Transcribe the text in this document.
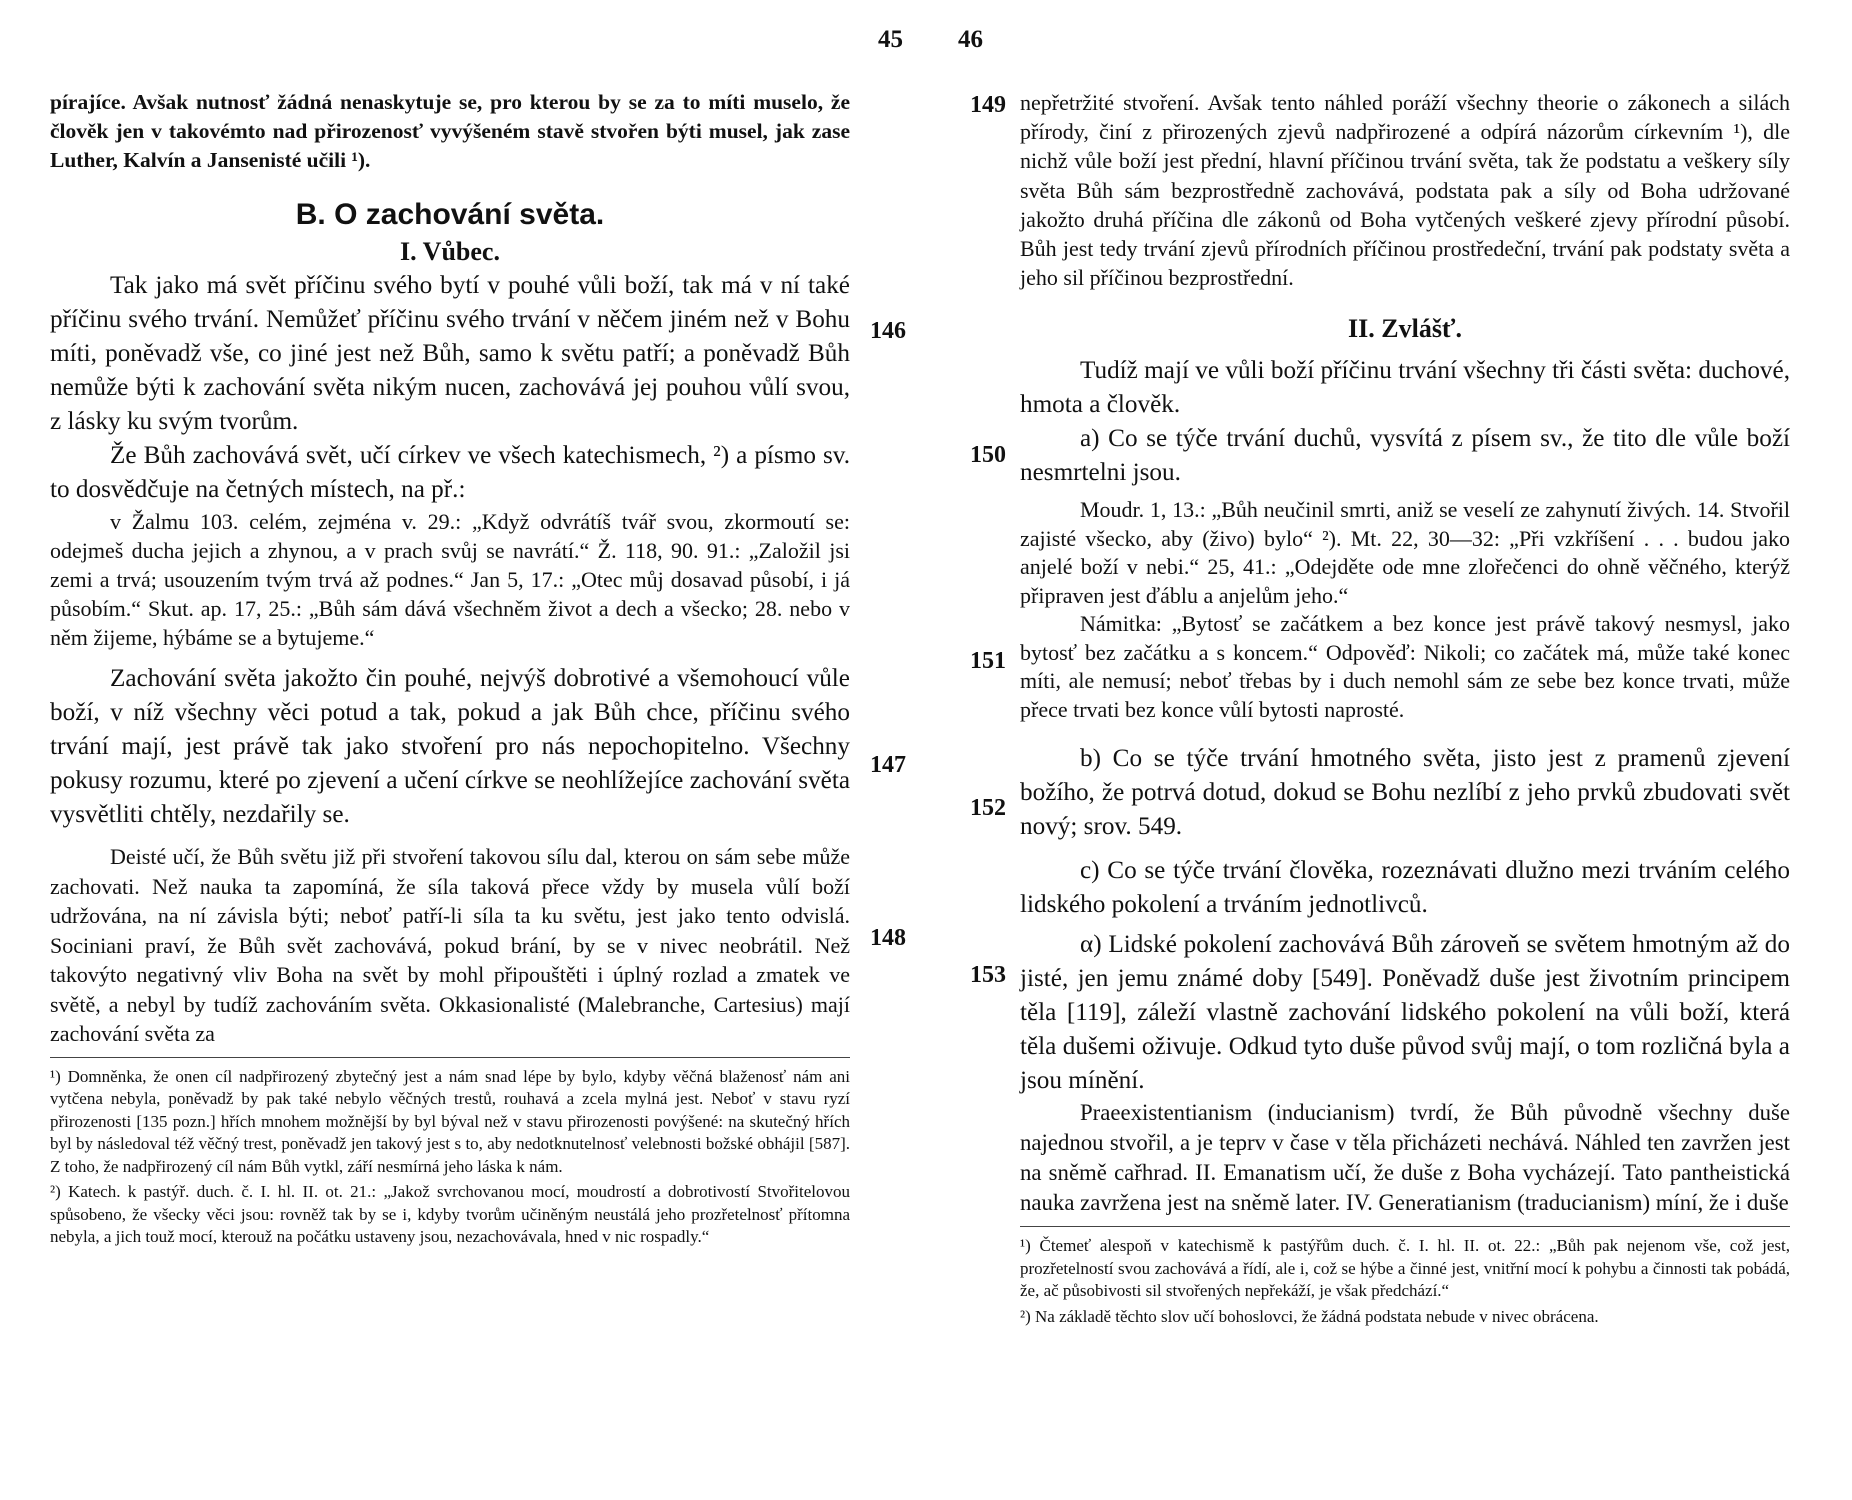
45 46

pírajíce. Avšak nutnosť žádná nenaskytuje se, pro kterou by se za to míti muselo, že člověk jen v takovémto nad přirozenosť vyvýšeném stavě stvořen býti musel, jak zase Luther, Kalvín a Jansenisté učili ¹).

B. O zachování světa.
I. Vůbec.

Tak jako má svět příčinu svého bytí v pouhé vůli boží, tak má v ní také příčinu svého trvání. Nemůžeť příčinu svého trvání v něčem jiném než v Bohu míti, poněvadž vše, co jiné jest než Bůh, samo k světu patří; a poněvadž Bůh nemůže býti k zachování světa nikým nucen, zachovává jej pouhou vůlí svou, z lásky ku svým tvorům.

Že Bůh zachovává svět, učí církev ve všech katechismech, ²) a písmo sv. to dosvědčuje na četných místech, na př.:

v Žalmu 103. celém, zejména v. 29.: „Když odvrátíš tvář svou, zkormoutí se: odejmeš ducha jejich a zhynou, a v prach svůj se navrátí.“ Ž. 118, 90. 91.: „Založil jsi zemi a trvá; usouzením tvým trvá až podnes.“ Jan 5, 17.: „Otec můj dosavad působí, i já působím.“ Skut. ap. 17, 25.: „Bůh sám dává všechněm život a dech a všecko; 28. nebo v něm žijeme, hýbáme se a bytujeme.“

Zachování světa jakožto čin pouhé, nejvýš dobrotivé a všemohoucí vůle boží, v níž všechny věci potud a tak, pokud a jak Bůh chce, příčinu svého trvání mají, jest právě tak jako stvoření pro nás nepochopitelno. Všechny pokusy rozumu, které po zjevení a učení církve se neohlížejíce zachování světa vysvětliti chtěly, nezdařily se.

Deisté učí, že Bůh světu již při stvoření takovou sílu dal, kterou on sám sebe může zachovati. Než nauka ta zapomíná, že síla taková přece vždy by musela vůlí boží udržována, na ní závisla býti; neboť patří-li síla ta ku světu, jest jako tento odvislá. Sociniani praví, že Bůh svět zachovává, pokud brání, by se v nivec neobrátil. Než takovýto negativný vliv Boha na svět by mohl připouštěti i úplný rozlad a zmatek ve světě, a nebyl by tudíž zachováním světa. Okkasionalisté (Malebranche, Cartesius) mají zachování světa za

¹) Domněnka, že onen cíl nadpřirozený zbytečný jest a nám snad lépe by bylo, kdyby věčná blaženosť nám ani vytčena nebyla, poněvadž by pak také nebylo věčných trestů, rouhavá a zcela mylná jest. Neboť v stavu ryzí přirozenosti [135 pozn.] hřích mnohem možnější by byl býval než v stavu přirozenosti povýšené: na skutečný hřích byl by následoval též věčný trest, poněvadž jen takový jest s to, aby nedotknutelnosť velebnosti božské obhájil [587]. Z toho, že nadpřirozený cíl nám Bůh vytkl, září nesmírná jeho láska k nám.

²) Katech. k pastýř. duch. č. I. hl. II. ot. 21.: „Jakož svrchovanou mocí, moudrostí a dobrotivostí Stvořitelovou spůsobeno, že všecky věci jsou: rovněž tak by se i, kdyby tvorům učiněným neustálá jeho prozřetelnosť přítomna nebyla, a jich touž mocí, kterouž na počátku ustaveny jsou, nezachovávala, hned v nic rospadly.“

146
147
148
149
150
151
152
153

nepřetržité stvoření. Avšak tento náhled poráží všechny theorie o zákonech a silách přírody, činí z přirozených zjevů nadpřirozené a odpírá názorům církevním ¹), dle nichž vůle boží jest přední, hlavní příčinou trvání světa, tak že podstatu a veškery síly světa Bůh sám bezprostředně zachovává, podstata pak a síly od Boha udržované jakožto druhá příčina dle zákonů od Boha vytčených veškeré zjevy přírodní působí. Bůh jest tedy trvání zjevů přírodních příčinou prostředeční, trvání pak podstaty světa a jeho sil příčinou bezprostřední.

II. Zvlášť.

Tudíž mají ve vůli boží příčinu trvání všechny tři části světa: duchové, hmota a člověk.

a) Co se týče trvání duchů, vysvítá z písem sv., že tito dle vůle boží nesmrtelni jsou.

Moudr. 1, 13.: „Bůh neučinil smrti, aniž se veselí ze zahynutí živých. 14. Stvořil zajisté všecko, aby (živo) bylo“ ²). Mt. 22, 30—32: „Při vzkříšení . . . budou jako anjelé boží v nebi.“ 25, 41.: „Odejděte ode mne zlořečenci do ohně věčného, kterýž připraven jest ďáblu a anjelům jeho.“

Námitka: „Bytosť se začátkem a bez konce jest právě takový nesmysl, jako bytosť bez začátku a s koncem.“ Odpověď: Nikoli; co začátek má, může také konec míti, ale nemusí; neboť třebas by i duch nemohl sám ze sebe bez konce trvati, může přece trvati bez konce vůlí bytosti naprosté.

b) Co se týče trvání hmotného světa, jisto jest z pramenů zjevení božího, že potrvá dotud, dokud se Bohu nezlíbí z jeho prvků zbudovati svět nový; srov. 549.

c) Co se týče trvání člověka, rozeznávati dlužno mezi trváním celého lidského pokolení a trváním jednotlivců.

α) Lidské pokolení zachovává Bůh zároveň se světem hmotným až do jisté, jen jemu známé doby [549]. Poněvadž duše jest životním principem těla [119], záleží vlastně zachování lidského pokolení na vůli boží, která těla dušemi oživuje. Odkud tyto duše původ svůj mají, o tom rozličná byla a jsou mínění.

Praeexistentianism (inducianism) tvrdí, že Bůh původně všechny duše najednou stvořil, a je teprv v čase v těla přicházeti nechává. Náhled ten zavržen jest na sněmě cařhrad. II. Emanatism učí, že duše z Boha vycházejí. Tato pantheistická nauka zavržena jest na sněmě later. IV. Generatianism (traducianism) míní, že i duše

¹) Čtemeť alespoň v katechismě k pastýřům duch. č. I. hl. II. ot. 22.: „Bůh pak nejenom vše, což jest, prozřetelností svou zachovává a řídí, ale i, což se hýbe a činné jest, vnitřní mocí k pohybu a činnosti tak pobádá, že, ač působivosti sil stvořených nepřekáží, je však předchází.“

²) Na základě těchto slov učí bohoslovci, že žádná podstata nebude v nivec obrácena.
